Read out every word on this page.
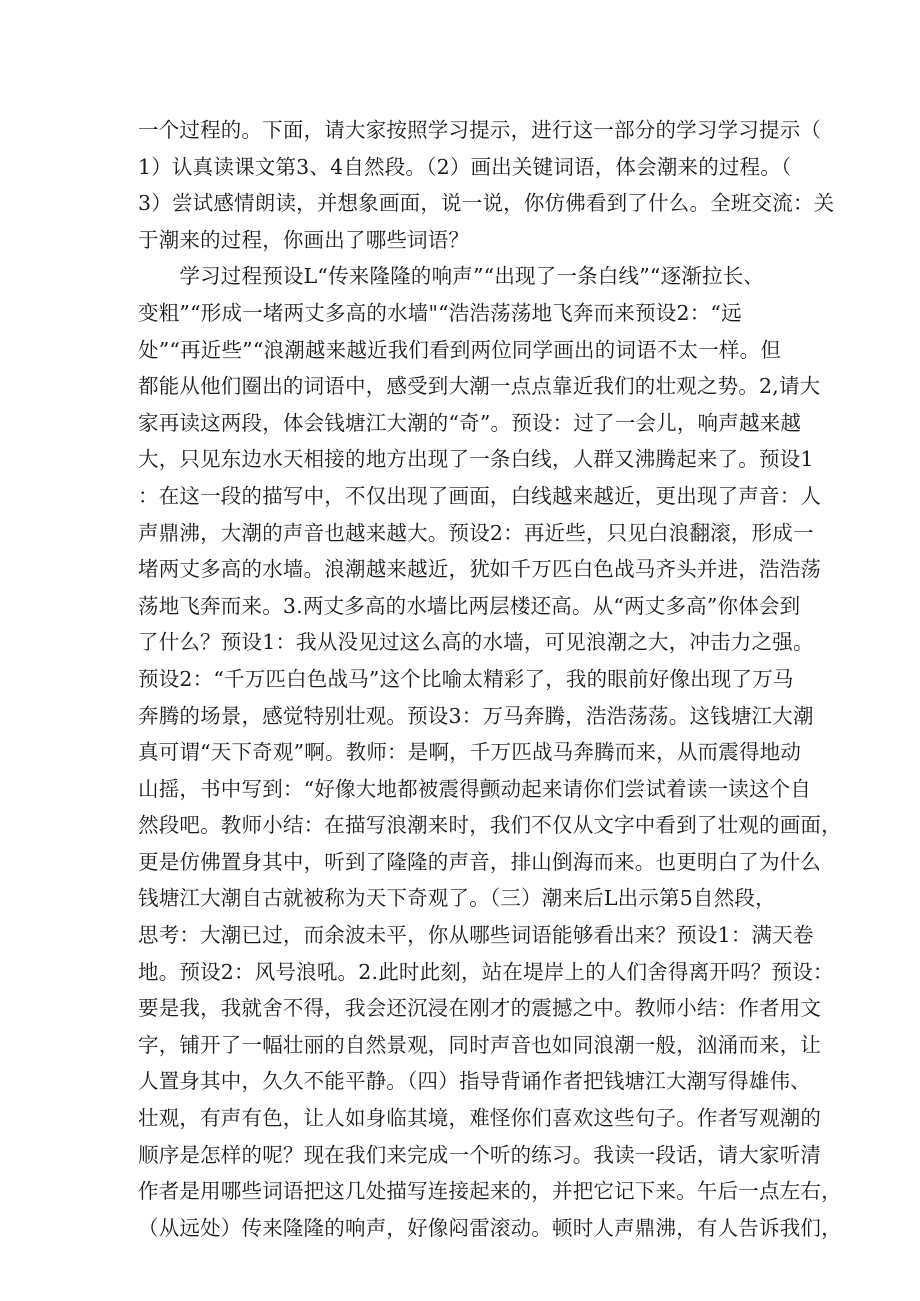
一个过程的。下面，请大家按照学习提示，进行这一部分的学习学习提示（
1）认真读课文第3、4自然段。（2）画出关键词语，体会潮来的过程。（
3）尝试感情朗读，并想象画面，说一说，你仿佛看到了什么。全班交流：关
于潮来的过程，你画出了哪些词语？
　　学习过程预设L“传来隆隆的响声”“出现了一条白线”“逐渐拉长、
变粗”“形成一堵两丈多高的水墙"“浩浩荡荡地飞奔而来预设2：“远
处”“再近些”“浪潮越来越近我们看到两位同学画出的词语不太一样。但
都能从他们圈出的词语中，感受到大潮一点点靠近我们的壮观之势。2,请大
家再读这两段，体会钱塘江大潮的“奇”。预设：过了一会儿，响声越来越
大，只见东边水天相接的地方出现了一条白线，人群又沸腾起来了。预设1
：在这一段的描写中，不仅出现了画面，白线越来越近，更出现了声音：人
声鼎沸，大潮的声音也越来越大。预设2：再近些，只见白浪翻滚，形成一
堵两丈多高的水墙。浪潮越来越近，犹如千万匹白色战马齐头并进，浩浩荡
荡地飞奔而来。3.两丈多高的水墙比两层楼还高。从“两丈多高”你体会到
了什么？预设1：我从没见过这么高的水墙，可见浪潮之大，冲击力之强。
预设2：“千万匹白色战马”这个比喻太精彩了，我的眼前好像出现了万马
奔腾的场景，感觉特别壮观。预设3：万马奔腾，浩浩荡荡。这钱塘江大潮
真可谓“天下奇观”啊。教师：是啊，千万匹战马奔腾而来，从而震得地动
山摇，书中写到：“好像大地都被震得颤动起来请你们尝试着读一读这个自
然段吧。教师小结：在描写浪潮来时，我们不仅从文字中看到了壮观的画面，
更是仿佛置身其中，听到了隆隆的声音，排山倒海而来。也更明白了为什么
钱塘江大潮自古就被称为天下奇观了。（三）潮来后L出示第5自然段，
思考：大潮已过，而余波未平，你从哪些词语能够看出来？预设1：满天卷
地。预设2：风号浪吼。2.此时此刻，站在堤岸上的人们舍得离开吗？预设：
要是我，我就舍不得，我会还沉浸在刚才的震撼之中。教师小结：作者用文
字，铺开了一幅壮丽的自然景观，同时声音也如同浪潮一般，汹涌而来，让
人置身其中，久久不能平静。（四）指导背诵作者把钱塘江大潮写得雄伟、
壮观，有声有色，让人如身临其境，难怪你们喜欢这些句子。作者写观潮的
顺序是怎样的呢？现在我们来完成一个听的练习。我读一段话，请大家听清
作者是用哪些词语把这几处描写连接起来的，并把它记下来。午后一点左右，
（从远处）传来隆隆的响声，好像闷雷滚动。顿时人声鼎沸，有人告诉我们，
